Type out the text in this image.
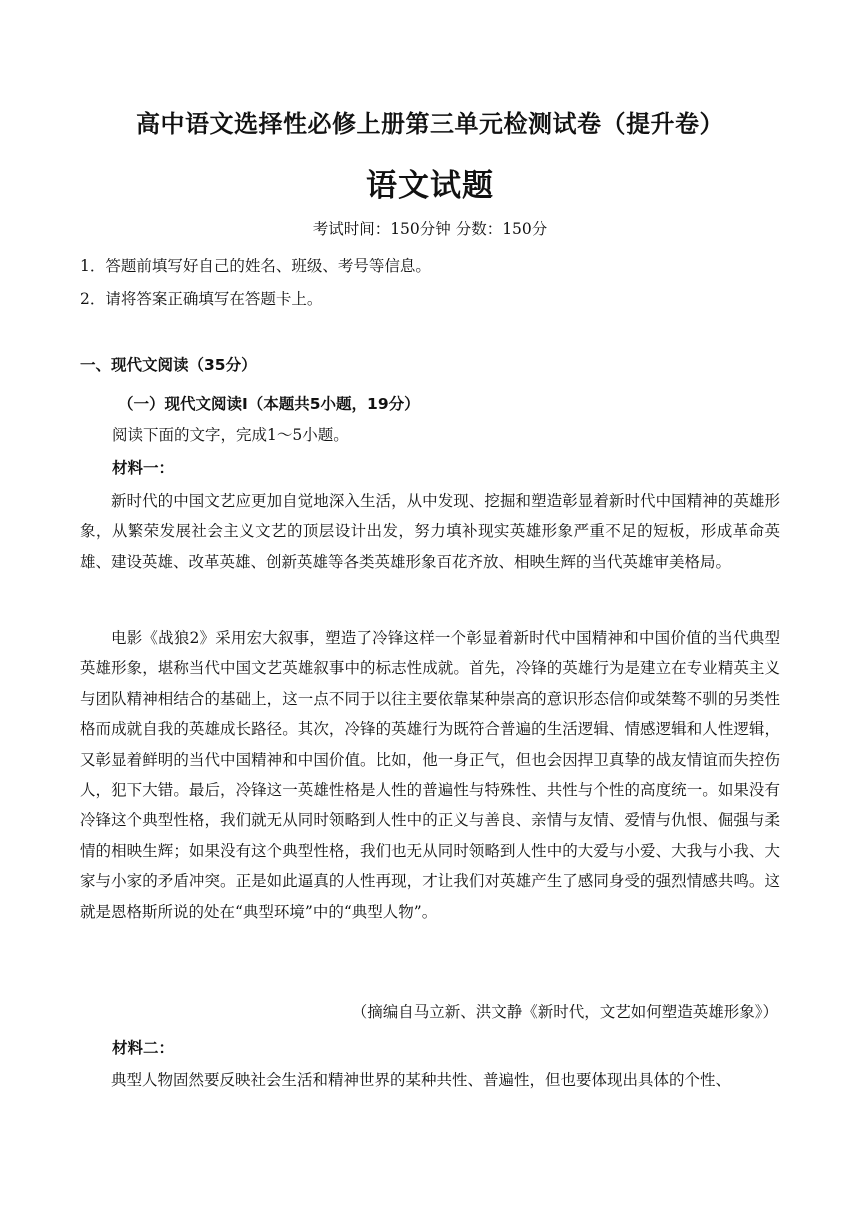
高中语文选择性必修上册第三单元检测试卷（提升卷）
语文试题
考试时间：150分钟 分数：150分
1．答题前填写好自己的姓名、班级、考号等信息。
2．请将答案正确填写在答题卡上。
一、现代文阅读（35分）
（一）现代文阅读Ⅰ（本题共5小题，19分）
阅读下面的文字，完成1～5小题。
材料一：
新时代的中国文艺应更加自觉地深入生活，从中发现、挖掘和塑造彰显着新时代中国精神的英雄形象，从繁荣发展社会主义文艺的顶层设计出发，努力填补现实英雄形象严重不足的短板，形成革命英雄、建设英雄、改革英雄、创新英雄等各类英雄形象百花齐放、相映生辉的当代英雄审美格局。
电影《战狼2》采用宏大叙事，塑造了冷锋这样一个彰显着新时代中国精神和中国价值的当代典型英雄形象，堪称当代中国文艺英雄叙事中的标志性成就。首先，冷锋的英雄行为是建立在专业精英主义与团队精神相结合的基础上，这一点不同于以往主要依靠某种崇高的意识形态信仰或桀骜不驯的另类性格而成就自我的英雄成长路径。其次，冷锋的英雄行为既符合普遍的生活逻辑、情感逻辑和人性逻辑，又彰显着鲜明的当代中国精神和中国价值。比如，他一身正气，但也会因捍卫真挚的战友情谊而失控伤人，犯下大错。最后，冷锋这一英雄性格是人性的普遍性与特殊性、共性与个性的高度统一。如果没有冷锋这个典型性格，我们就无从同时领略到人性中的正义与善良、亲情与友情、爱情与仇恨、倔强与柔情的相映生辉；如果没有这个典型性格，我们也无从同时领略到人性中的大爱与小爱、大我与小我、大家与小家的矛盾冲突。正是如此逼真的人性再现，才让我们对英雄产生了感同身受的强烈情感共鸣。这就是恩格斯所说的处在“典型环境”中的“典型人物”。
（摘编自马立新、洪文静《新时代，文艺如何塑造英雄形象》）
材料二：
典型人物固然要反映社会生活和精神世界的某种共性、普遍性，但也要体现出具体的个性、
